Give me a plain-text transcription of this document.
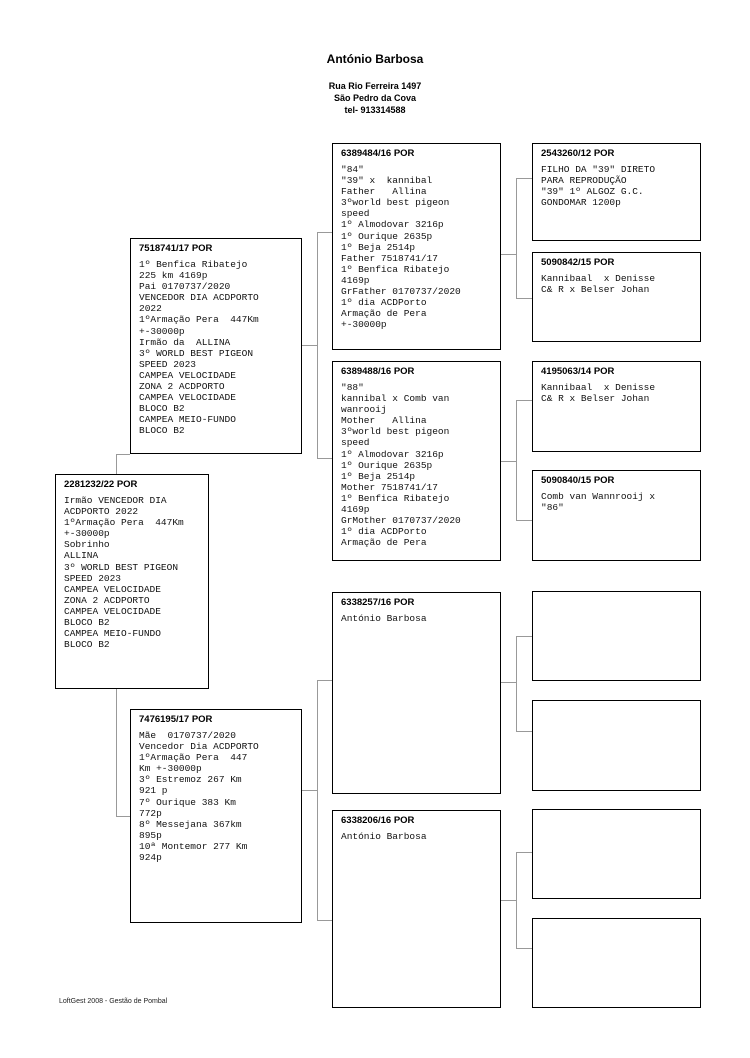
António Barbosa
Rua Rio Ferreira 1497
São Pedro da Cova
tel- 913314588
2281232/22 POR
Irmão VENCEDOR DIA
ACDPORTO 2022
1ºArmação Pera  447Km
+-30000p
Sobrinho
ALLINA
3º WORLD BEST PIGEON
SPEED 2023
CAMPEA VELOCIDADE
ZONA 2 ACDPORTO
CAMPEA VELOCIDADE
BLOCO B2
CAMPEA MEIO-FUNDO
BLOCO B2
7518741/17 POR
1º Benfica Ribatejo
225 km 4169p
Pai 0170737/2020
VENCEDOR DIA ACDPORTO
2022
1ºArmação Pera  447Km
+-30000p
Irmão da  ALLINA
3º WORLD BEST PIGEON
SPEED 2023
CAMPEA VELOCIDADE
ZONA 2 ACDPORTO
CAMPEA VELOCIDADE
BLOCO B2
CAMPEA MEIO-FUNDO
BLOCO B2
7476195/17 POR
Mãe  0170737/2020
Vencedor Dia ACDPORTO
1ºArmação Pera  447
Km +-30000p
3º Estremoz 267 Km
921 p
7º Ourique 383 Km
772p
8º Messejana 367km
895p
10ª Montemor 277 Km
924p
6389484/16 POR
"84"
"39" x  kannibal
Father   Allina
3ºworld best pigeon
speed
1º Almodovar 3216p
1º Ourique 2635p
1º Beja 2514p
Father 7518741/17
1º Benfica Ribatejo
4169p
GrFather 0170737/2020
1º dia ACDPorto
Armação de Pera
+-30000p
6389488/16 POR
"88"
kannibal x Comb van
wanrooij
Mother   Allina
3ºworld best pigeon
speed
1º Almodovar 3216p
1º Ourique 2635p
1º Beja 2514p
Mother 7518741/17
1º Benfica Ribatejo
4169p
GrMother 0170737/2020
1º dia ACDPorto
Armação de Pera
6338257/16 POR
António Barbosa
6338206/16 POR
António Barbosa
2543260/12 POR
FILHO DA "39" DIRETO
PARA REPRODUÇÃO
"39" 1º ALGOZ G.C.
GONDOMAR 1200p
5090842/15 POR
Kannibaal  x Denisse
C& R x Belser Johan
4195063/14 POR
Kannibaal  x Denisse
C& R x Belser Johan
5090840/15 POR
Comb van Wannrooij x
"86"
LoftGest 2008 - Gestão de Pombal
